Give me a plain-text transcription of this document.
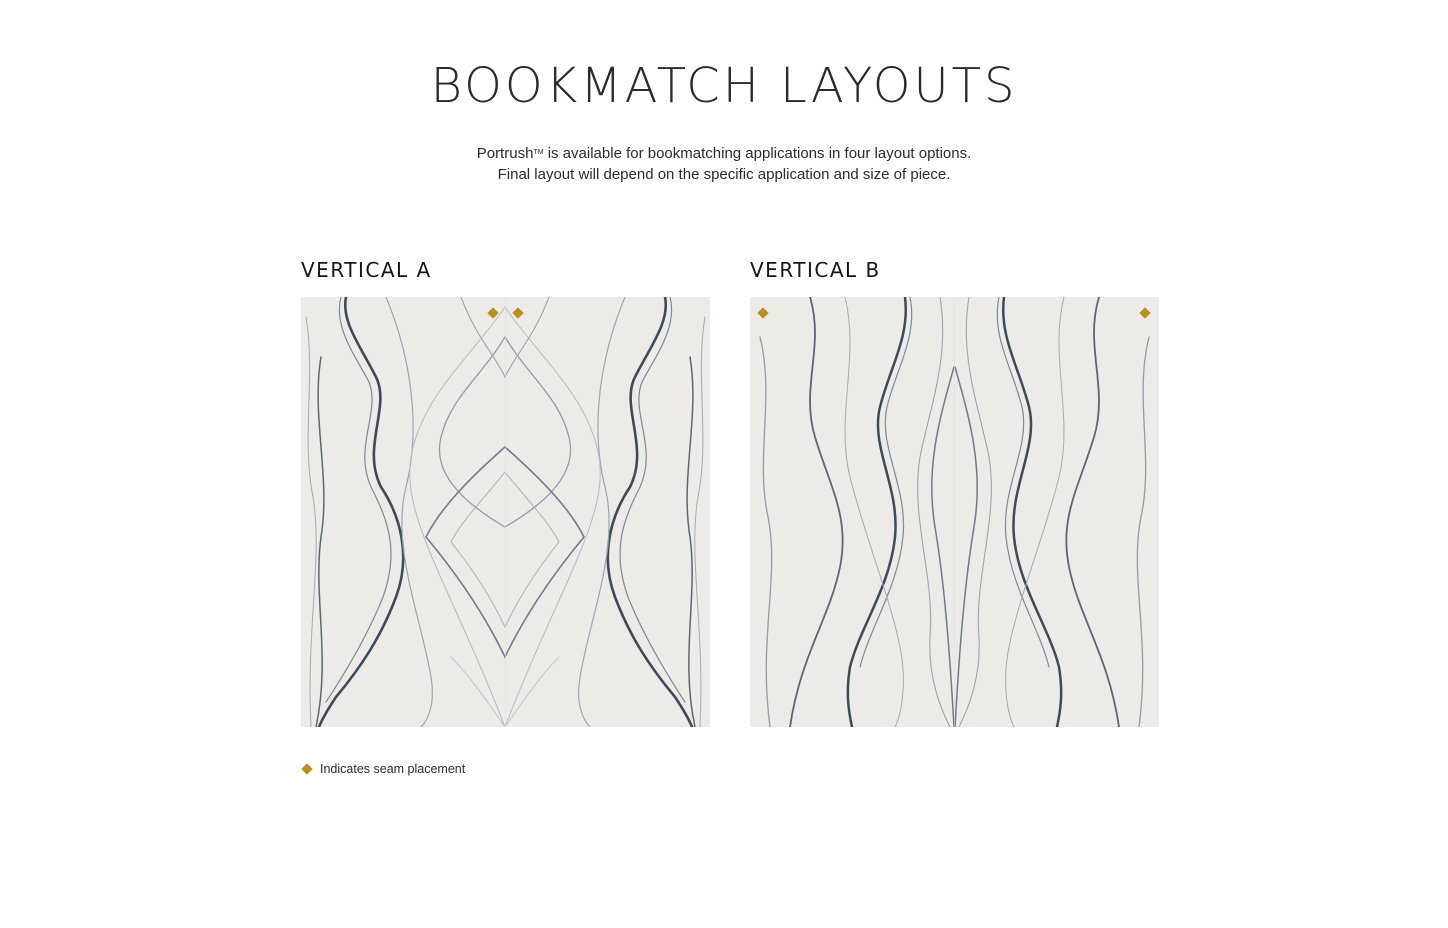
BOOKMATCH LAYOUTS
Portrush™ is available for bookmatching applications in four layout options.
Final layout will depend on the specific application and size of piece.
VERTICAL A	VERTICAL B
Indicates seam placement
